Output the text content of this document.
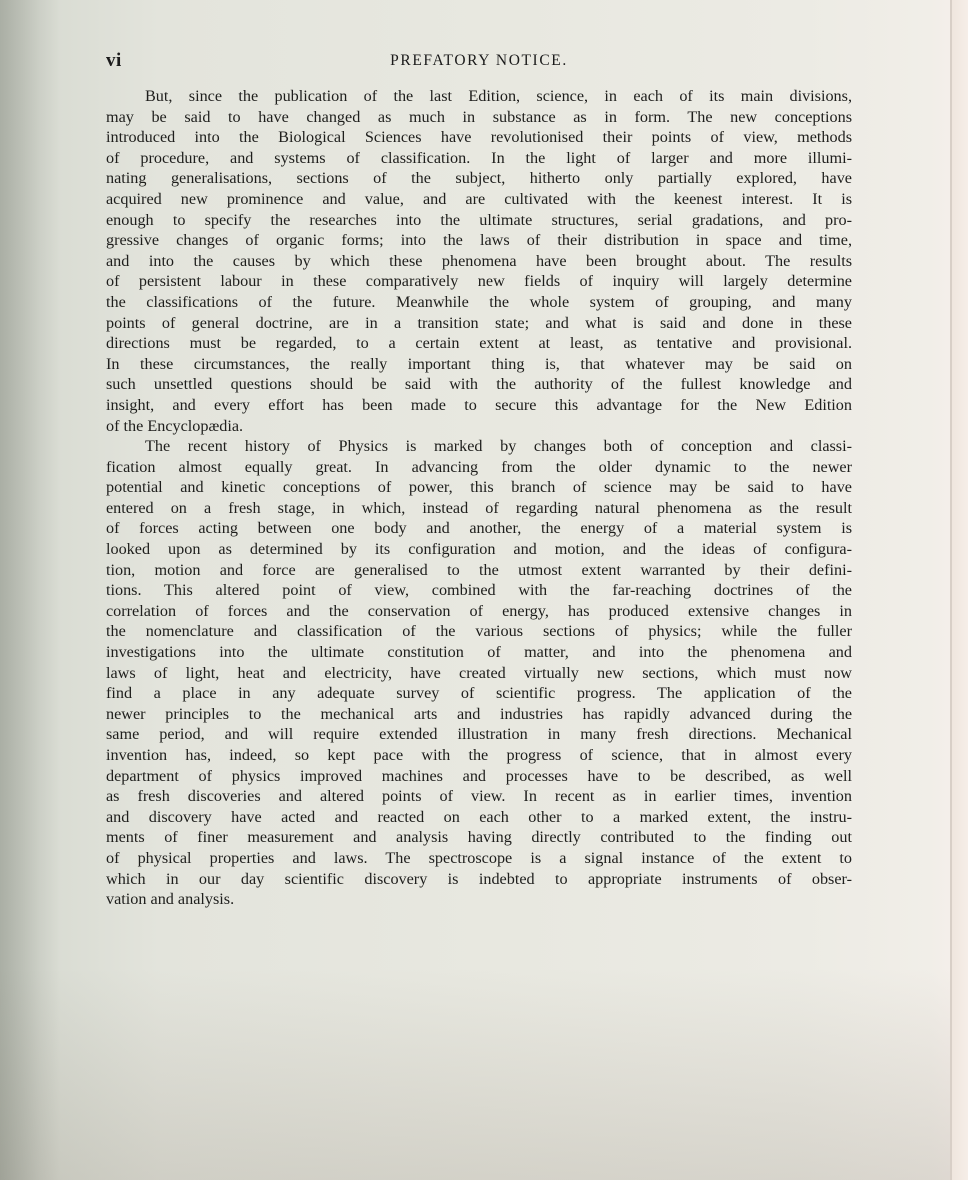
vi	PREFATORY NOTICE.
But, since the publication of the last Edition, science, in each of its main divisions,
may be said to have changed as much in substance as in form. The new conceptions
introduced into the Biological Sciences have revolutionised their points of view, methods
of procedure, and systems of classification. In the light of larger and more illumi-
nating generalisations, sections of the subject, hitherto only partially explored, have
acquired new prominence and value, and are cultivated with the keenest interest. It is
enough to specify the researches into the ultimate structures, serial gradations, and pro-
gressive changes of organic forms; into the laws of their distribution in space and time,
and into the causes by which these phenomena have been brought about. The results
of persistent labour in these comparatively new fields of inquiry will largely determine
the classifications of the future. Meanwhile the whole system of grouping, and many
points of general doctrine, are in a transition state; and what is said and done in these
directions must be regarded, to a certain extent at least, as tentative and provisional.
In these circumstances, the really important thing is, that whatever may be said on
such unsettled questions should be said with the authority of the fullest knowledge and
insight, and every effort has been made to secure this advantage for the New Edition
of the Encyclopædia.
The recent history of Physics is marked by changes both of conception and classi-
fication almost equally great. In advancing from the older dynamic to the newer
potential and kinetic conceptions of power, this branch of science may be said to have
entered on a fresh stage, in which, instead of regarding natural phenomena as the result
of forces acting between one body and another, the energy of a material system is
looked upon as determined by its configuration and motion, and the ideas of configura-
tion, motion and force are generalised to the utmost extent warranted by their defini-
tions. This altered point of view, combined with the far-reaching doctrines of the
correlation of forces and the conservation of energy, has produced extensive changes in
the nomenclature and classification of the various sections of physics; while the fuller
investigations into the ultimate constitution of matter, and into the phenomena and
laws of light, heat and electricity, have created virtually new sections, which must now
find a place in any adequate survey of scientific progress. The application of the
newer principles to the mechanical arts and industries has rapidly advanced during the
same period, and will require extended illustration in many fresh directions. Mechanical
invention has, indeed, so kept pace with the progress of science, that in almost every
department of physics improved machines and processes have to be described, as well
as fresh discoveries and altered points of view. In recent as in earlier times, invention
and discovery have acted and reacted on each other to a marked extent, the instru-
ments of finer measurement and analysis having directly contributed to the finding out
of physical properties and laws. The spectroscope is a signal instance of the extent to
which in our day scientific discovery is indebted to appropriate instruments of obser-
vation and analysis.
